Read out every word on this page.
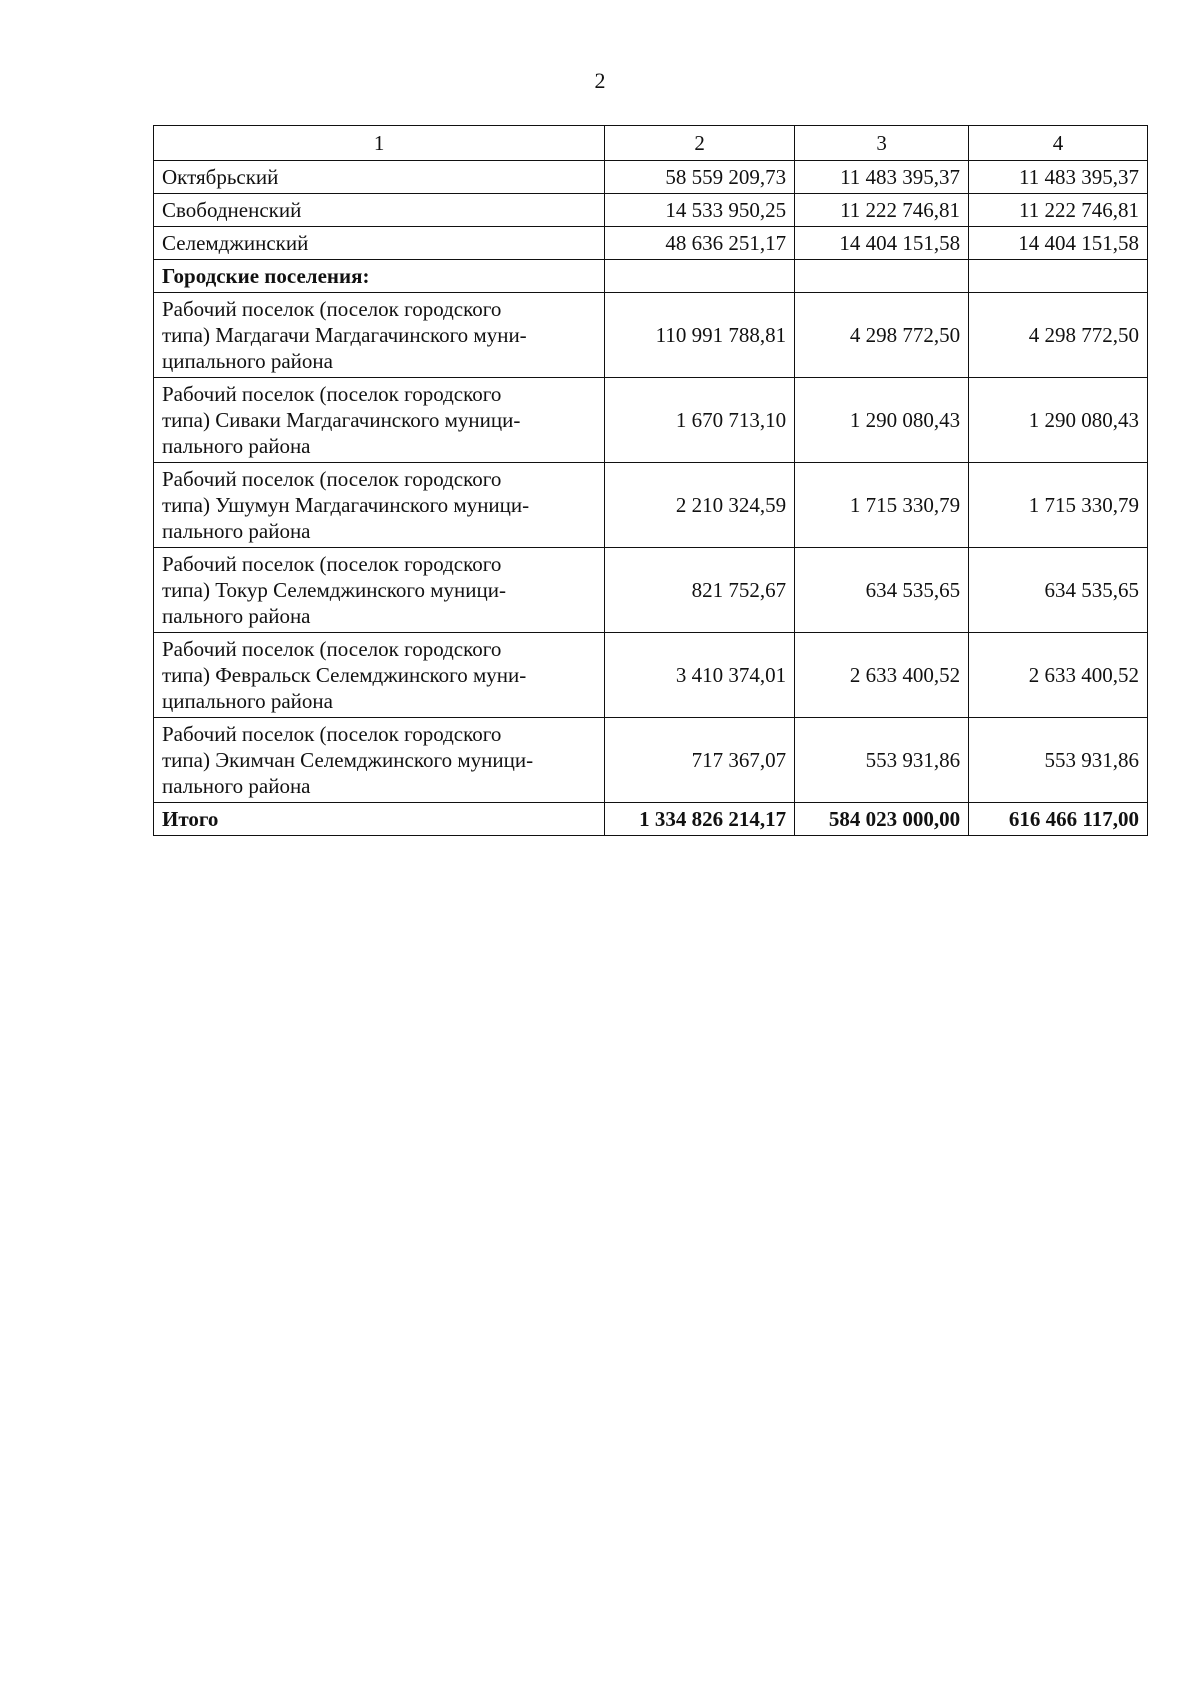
2
1	2	3	4
Октябрьский	58 559 209,73	11 483 395,37	11 483 395,37
Свободненский	14 533 950,25	11 222 746,81	11 222 746,81
Селемджинский	48 636 251,17	14 404 151,58	14 404 151,58
Городские поселения:			

Рабочий поселок (поселок городского
типа) Магдагачи Магдагачинского муни-
ципального района	110 991 788,81	4 298 772,50	4 298 772,50

Рабочий поселок (поселок городского
типа) Сиваки Магдагачинского муници-
пального района	1 670 713,10	1 290 080,43	1 290 080,43

Рабочий поселок (поселок городского
типа) Ушумун Магдагачинского муници-
пального района	2 210 324,59	1 715 330,79	1 715 330,79

Рабочий поселок (поселок городского
типа) Токур Селемджинского муници-
пального района	821 752,67	634 535,65	634 535,65

Рабочий поселок (поселок городского
типа) Февральск Селемджинского муни-
ципального района	3 410 374,01	2 633 400,52	2 633 400,52

Рабочий поселок (поселок городского
типа) Экимчан Селемджинского муници-
пального района	717 367,07	553 931,86	553 931,86
Итого	1 334 826 214,17	584 023 000,00	616 466 117,00
